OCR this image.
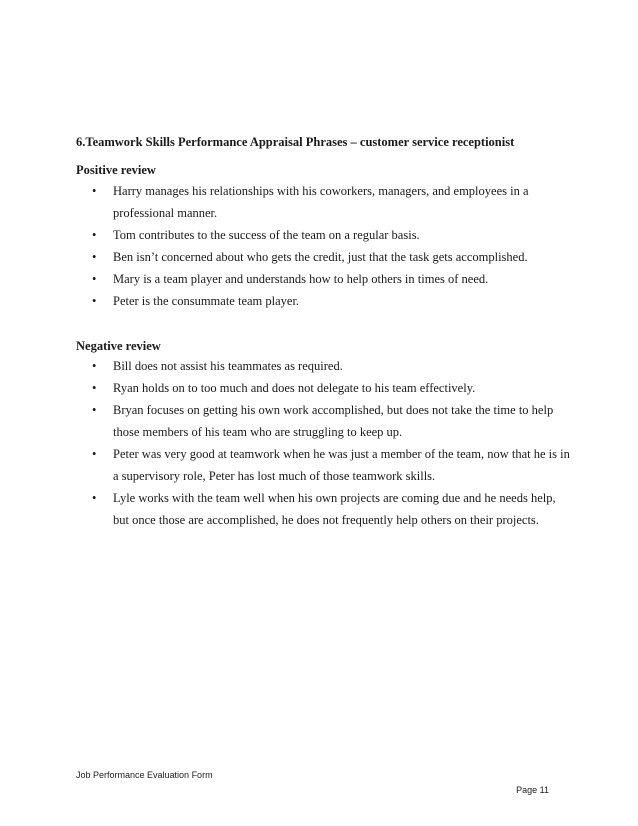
6.Teamwork Skills Performance Appraisal Phrases – customer service receptionist
Positive review
•	Harry manages his relationships with his coworkers, managers, and employees in a professional manner.
•	Tom contributes to the success of the team on a regular basis.
•	Ben isn’t concerned about who gets the credit, just that the task gets accomplished.
•	Mary is a team player and understands how to help others in times of need.
•	Peter is the consummate team player.
Negative review
•	Bill does not assist his teammates as required.
•	Ryan holds on to too much and does not delegate to his team effectively.
•	Bryan focuses on getting his own work accomplished, but does not take the time to help those members of his team who are struggling to keep up.
•	Peter was very good at teamwork when he was just a member of the team, now that he is in a supervisory role, Peter has lost much of those teamwork skills.
•	Lyle works with the team well when his own projects are coming due and he needs help, but once those are accomplished, he does not frequently help others on their projects.
Job Performance Evaluation Form
Page 11
